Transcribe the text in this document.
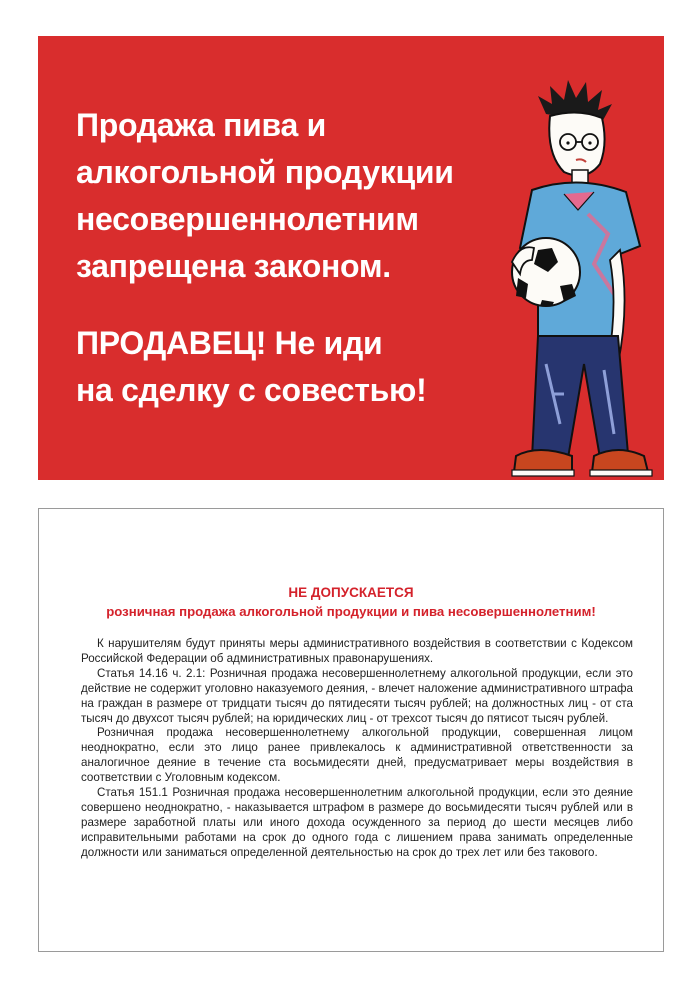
Продажа пива и

алкогольной продукции

несовершеннолетним

запрещена законом.

ПРОДАВЕЦ! Не иди

на сделку с совестью!

НЕ ДОПУСКАЕТСЯ
розничная продажа алкогольной продукции и пива несовершеннолетним!

К нарушителям будут приняты меры административного воздействия в соответствии с Кодексом Российской Федерации об административных правонарушениях.

Статья 14.16 ч. 2.1: Розничная продажа несовершеннолетнему алкогольной продукции, если это действие не содержит уголовно наказуемого деяния, - влечет наложение административного штрафа на граждан в размере от тридцати тысяч до пятидесяти тысяч рублей; на должностных лиц - от ста тысяч до двухсот тысяч рублей; на юридических лиц - от трехсот тысяч до пятисот тысяч рублей.

Розничная продажа несовершеннолетнему алкогольной продукции, совершенная лицом неоднократно, если это лицо ранее привлекалось к административной ответственности за аналогичное деяние в течение ста восьмидесяти дней, предусматривает меры воздействия в соответствии с Уголовным кодексом.

Статья 151.1 Розничная продажа несовершеннолетним алкогольной продукции, если это деяние совершено неоднократно, - наказывается штрафом в размере до восьмидесяти тысяч рублей или в размере заработной платы или иного дохода осужденного за период до шести месяцев либо исправительными работами на срок до одного года с лишением права занимать определенные должности или заниматься определенной деятельностью на срок до трех лет или без такового.
